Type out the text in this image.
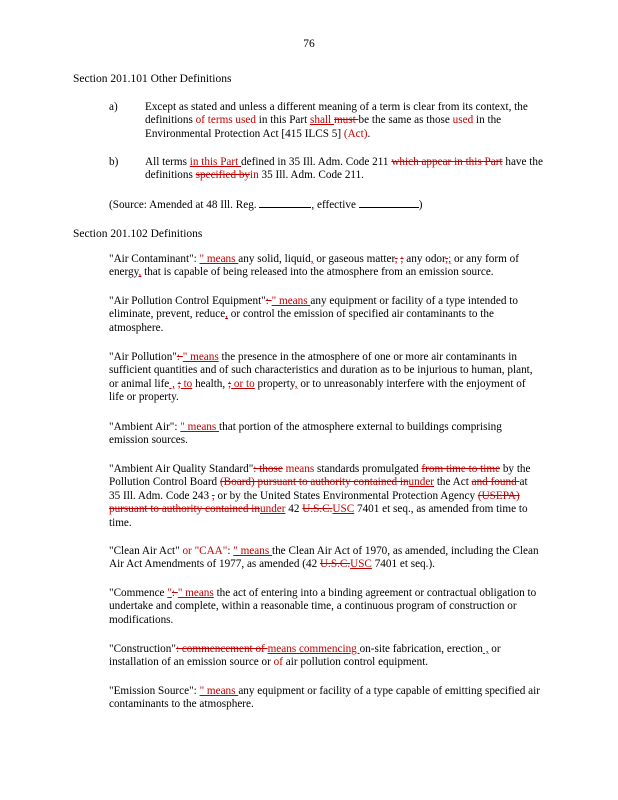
76
Section 201.101 Other Definitions
a) Except as stated and unless a different meaning of a term is clear from its context, the definitions of terms used in this Part shall must be the same as those used in the Environmental Protection Act [415 ILCS 5] (Act).

b) All terms in this Part defined in 35 Ill. Adm. Code 211 which appear in this Part have the definitions specified byin 35 Ill. Adm. Code 211.

(Source: Amended at 48 Ill. Reg.	, effective	)

Section 201.102 Definitions

"Air Contaminant": " means any solid, liquid, or gaseous matter, ; any odor,; or any form of energy, that is capable of being released into the atmosphere from an emission source.

"Air Pollution Control Equipment": " means any equipment or facility of a type intended to eliminate, prevent, reduce, or control the emission of specified air contaminants to the atmosphere.

"Air Pollution": " means the presence in the atmosphere of one or more air contaminants in sufficient quantities and of such characteristics and duration as to be injurious to human, plant, or animal life , ; to health, ; or to property, or to unreasonably interfere with the enjoyment of life or property.

"Ambient Air": " means that portion of the atmosphere external to buildings comprising emission sources.

"Ambient Air Quality Standard": those means standards promulgated from time to time by the Pollution Control Board (Board) pursuant to authority contained inunder the Act and found at 35 Ill. Adm. Code 243 , or by the United States Environmental Protection Agency (USEPA) pursuant to authority contained inunder 42 U.S.C.USC 7401 et seq., as amended from time to time.

"Clean Air Act" or "CAA": " means the Clean Air Act of 1970, as amended, including the Clean Air Act Amendments of 1977, as amended (42 U.S.C.USC 7401 et seq.).

"Commence ": " means the act of entering into a binding agreement or contractual obligation to undertake and complete, within a reasonable time, a continuous program of construction or modifications.

"Construction": commencement of means commencing on-site fabrication, erection , or installation of an emission source or of air pollution control equipment.

"Emission Source": " means any equipment or facility of a type capable of emitting specified air contaminants to the atmosphere.
